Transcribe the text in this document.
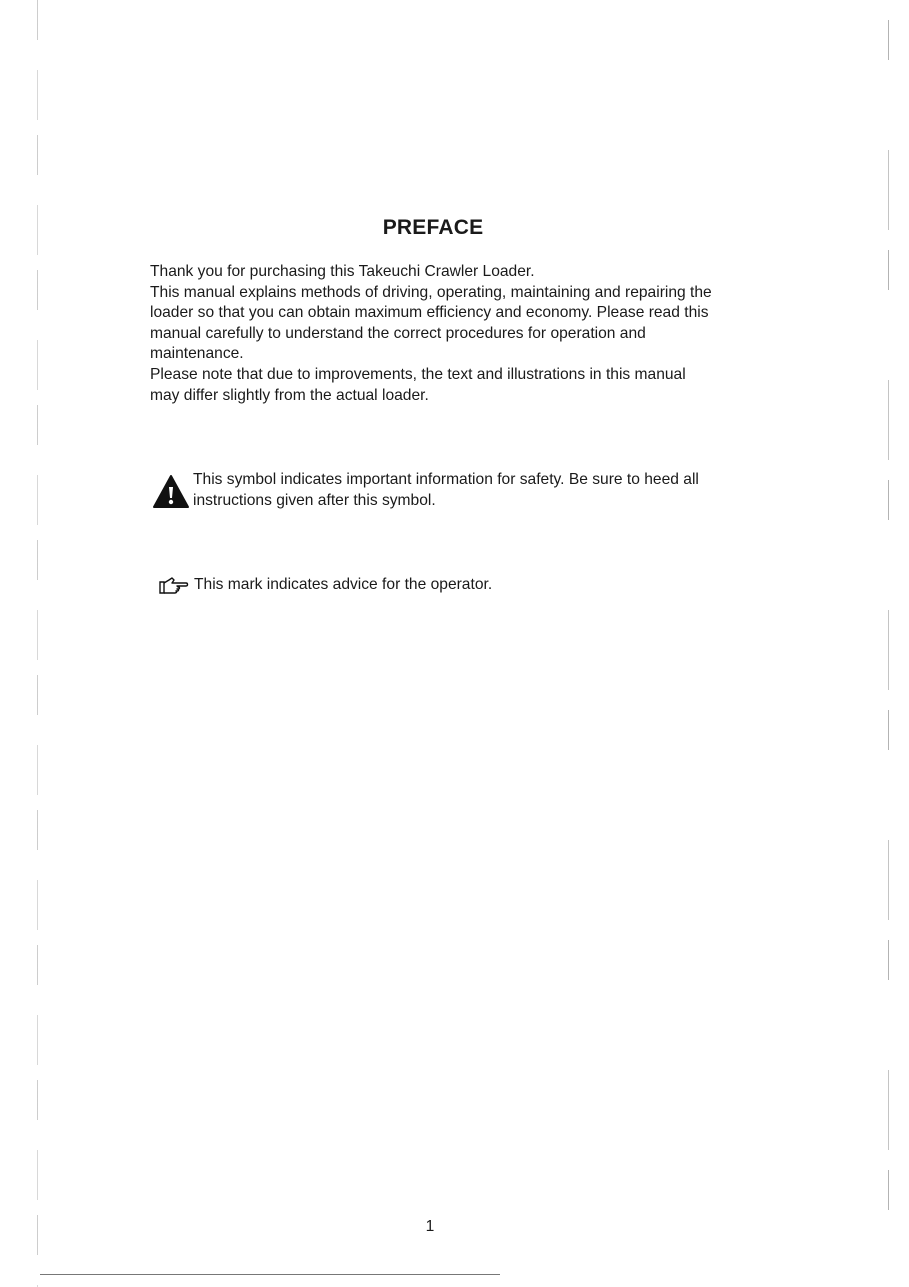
PREFACE

Thank you for purchasing this Takeuchi Crawler Loader.

This manual explains methods of driving, operating, maintaining and repairing the loader so that you can obtain maximum efficiency and economy. Please read this manual carefully to understand the correct procedures for operation and maintenance.

Please note that due to improvements, the text and illustrations in this manual may differ slightly from the actual loader.

This symbol indicates important information for safety. Be sure to heed all instructions given after this symbol.
This mark indicates advice for the operator.
1
